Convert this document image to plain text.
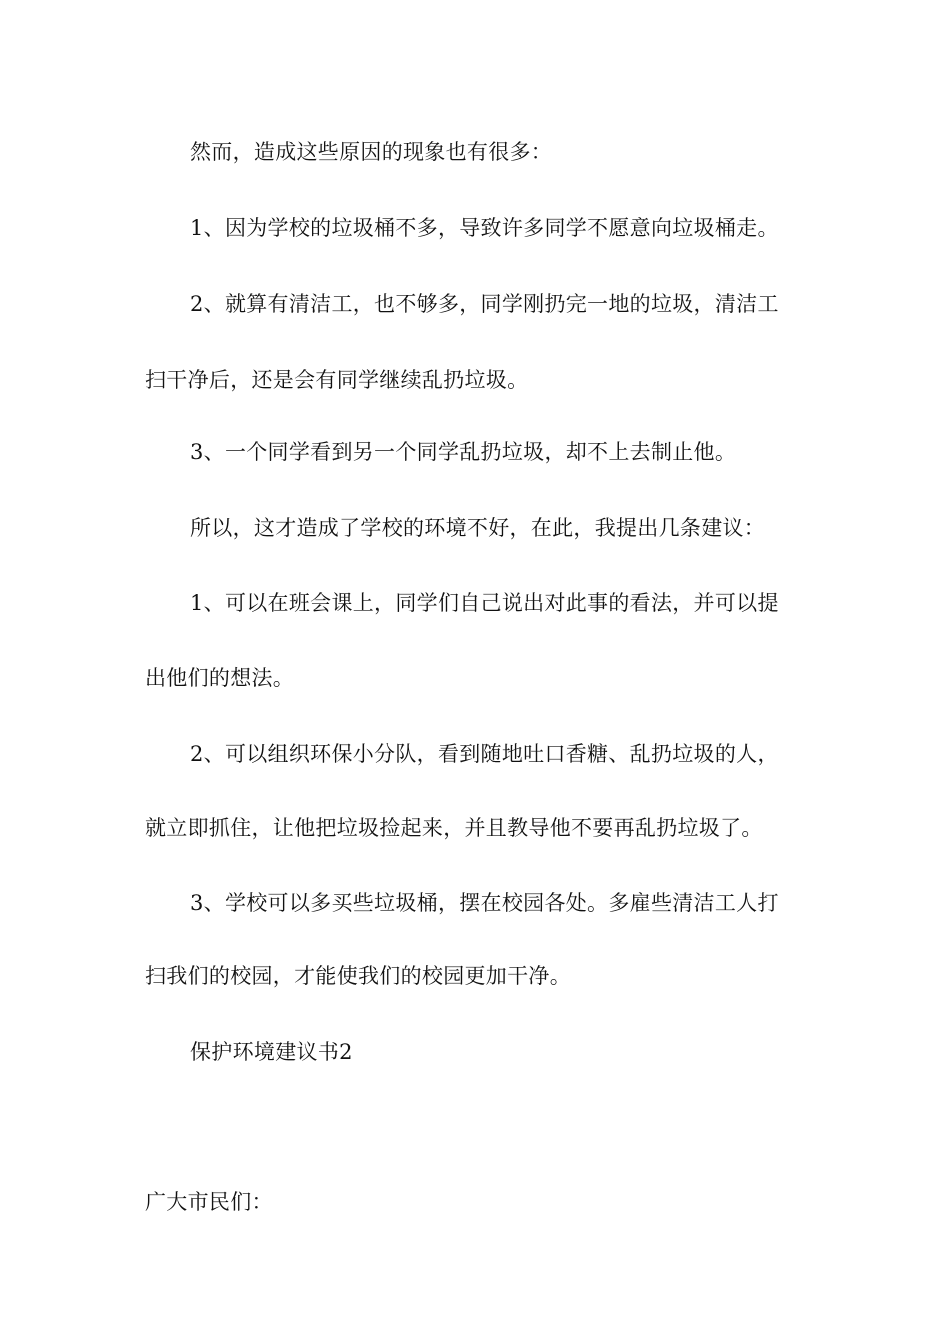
然而，造成这些原因的现象也有很多：
1、因为学校的垃圾桶不多，导致许多同学不愿意向垃圾桶走。
2、就算有清洁工，也不够多，同学刚扔完一地的垃圾，清洁工
扫干净后，还是会有同学继续乱扔垃圾。
3、一个同学看到另一个同学乱扔垃圾，却不上去制止他。
所以，这才造成了学校的环境不好，在此，我提出几条建议：
1、可以在班会课上，同学们自己说出对此事的看法，并可以提
出他们的想法。
2、可以组织环保小分队，看到随地吐口香糖、乱扔垃圾的人，
就立即抓住，让他把垃圾捡起来，并且教导他不要再乱扔垃圾了。
3、学校可以多买些垃圾桶，摆在校园各处。多雇些清洁工人打
扫我们的校园，才能使我们的校园更加干净。
保护环境建议书2
广大市民们：
